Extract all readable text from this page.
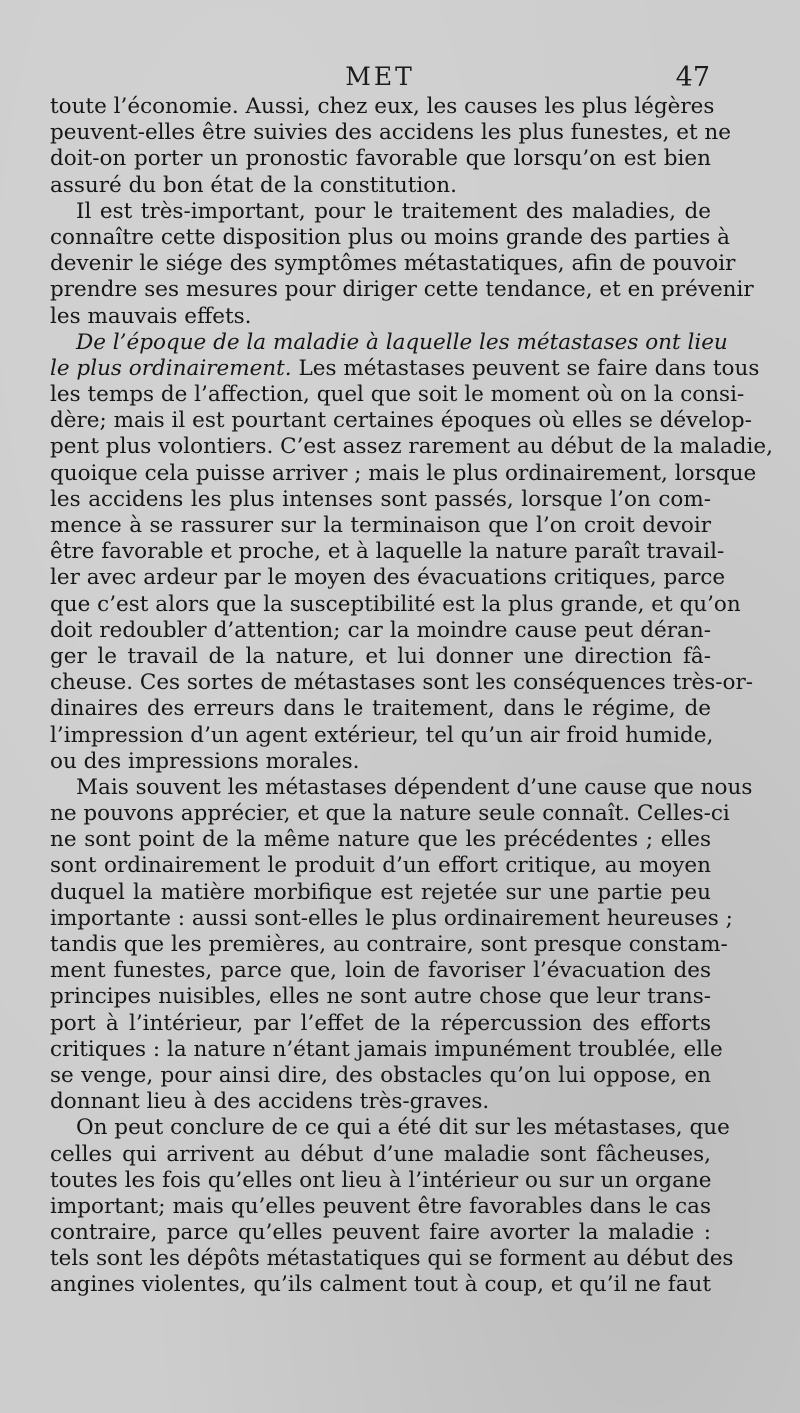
MET	47
toute l’économie. Aussi, chez eux, les causes les plus légères
peuvent-elles être suivies des accidens les plus funestes, et ne
doit-on porter un pronostic favorable que lorsqu’on est bien
assuré du bon état de la constitution.
Il est très-important, pour le traitement des maladies, de
connaître cette disposition plus ou moins grande des parties à
devenir le siége des symptômes métastatiques, afin de pouvoir
prendre ses mesures pour diriger cette tendance, et en prévenir
les mauvais effets.
De l’époque de la maladie à laquelle les métastases ont lieu
le plus ordinairement. Les métastases peuvent se faire dans tous
les temps de l’affection, quel que soit le moment où on la consi-
dère; mais il est pourtant certaines époques où elles se dévelop-
pent plus volontiers. C’est assez rarement au début de la maladie,
quoique cela puisse arriver ; mais le plus ordinairement, lorsque
les accidens les plus intenses sont passés, lorsque l’on com-
mence à se rassurer sur la terminaison que l’on croit devoir
être favorable et proche, et à laquelle la nature paraît travail-
ler avec ardeur par le moyen des évacuations critiques, parce
que c’est alors que la susceptibilité est la plus grande, et qu’on
doit redoubler d’attention; car la moindre cause peut déran-
ger le travail de la nature, et lui donner une direction fâ-
cheuse. Ces sortes de métastases sont les conséquences très-or-
dinaires des erreurs dans le traitement, dans le régime, de
l’impression d’un agent extérieur, tel qu’un air froid humide,
ou des impressions morales.
Mais souvent les métastases dépendent d’une cause que nous
ne pouvons apprécier, et que la nature seule connaît. Celles-ci
ne sont point de la même nature que les précédentes ; elles
sont ordinairement le produit d’un effort critique, au moyen
duquel la matière morbifique est rejetée sur une partie peu
importante : aussi sont-elles le plus ordinairement heureuses ;
tandis que les premières, au contraire, sont presque constam-
ment funestes, parce que, loin de favoriser l’évacuation des
principes nuisibles, elles ne sont autre chose que leur trans-
port à l’intérieur, par l’effet de la répercussion des efforts
critiques : la nature n’étant jamais impunément troublée, elle
se venge, pour ainsi dire, des obstacles qu’on lui oppose, en
donnant lieu à des accidens très-graves.
On peut conclure de ce qui a été dit sur les métastases, que
celles qui arrivent au début d’une maladie sont fâcheuses,
toutes les fois qu’elles ont lieu à l’intérieur ou sur un organe
important; mais qu’elles peuvent être favorables dans le cas
contraire, parce qu’elles peuvent faire avorter la maladie :
tels sont les dépôts métastatiques qui se forment au début des
angines violentes, qu’ils calment tout à coup, et qu’il ne faut
